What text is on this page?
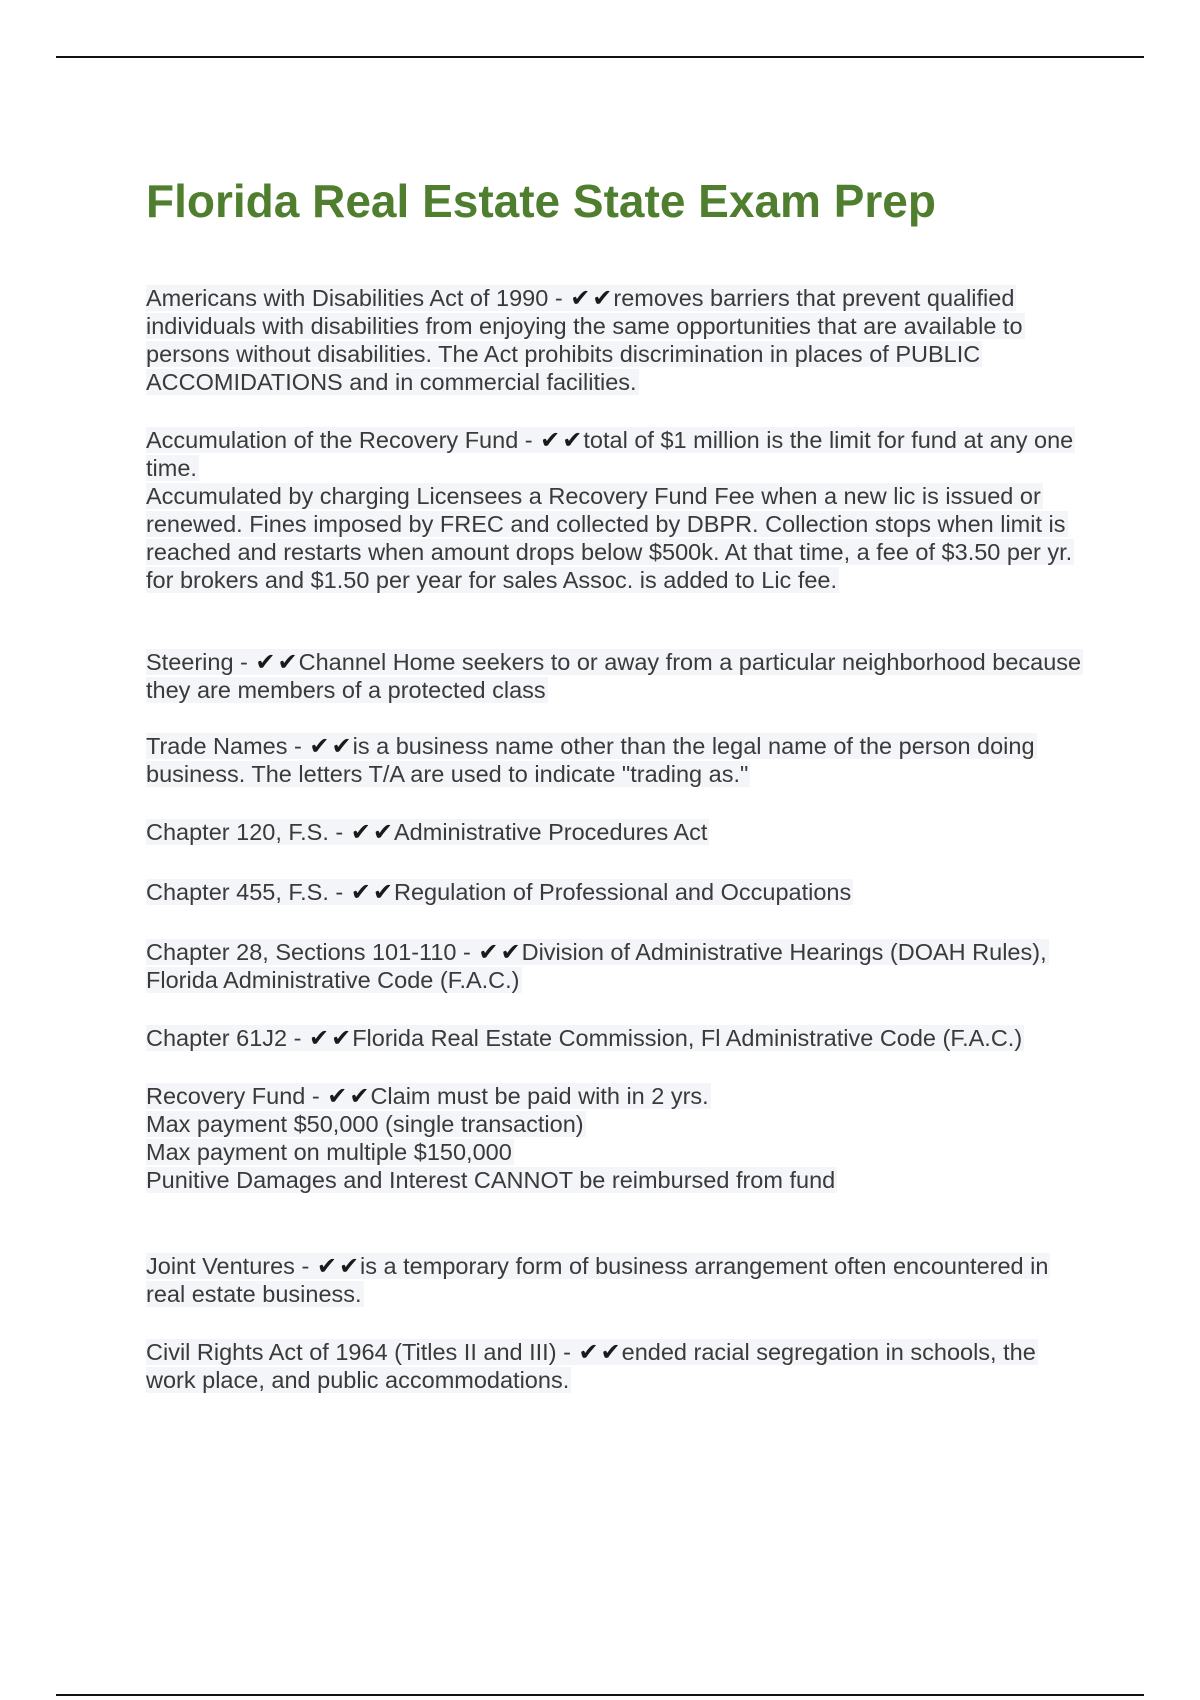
Florida Real Estate State Exam Prep

Americans with Disabilities Act of 1990 - ✔✔removes barriers that prevent qualified individuals with disabilities from enjoying the same opportunities that are available to persons without disabilities. The Act prohibits discrimination in places of PUBLIC ACCOMIDATIONS and in commercial facilities.

Accumulation of the Recovery Fund - ✔✔total of $1 million is the limit for fund at any one time.
Accumulated by charging Licensees a Recovery Fund Fee when a new lic is issued or renewed. Fines imposed by FREC and collected by DBPR. Collection stops when limit is reached and restarts when amount drops below $500k. At that time, a fee of $3.50 per yr. for brokers and $1.50 per year for sales Assoc. is added to Lic fee.

Steering - ✔✔Channel Home seekers to or away from a particular neighborhood because they are members of a protected class

Trade Names - ✔✔is a business name other than the legal name of the person doing business. The letters T/A are used to indicate "trading as."

Chapter 120, F.S. - ✔✔Administrative Procedures Act

Chapter 455, F.S. - ✔✔Regulation of Professional and Occupations

Chapter 28, Sections 101-110 - ✔✔Division of Administrative Hearings (DOAH Rules), Florida Administrative Code (F.A.C.)

Chapter 61J2 - ✔✔Florida Real Estate Commission, Fl Administrative Code (F.A.C.)

Recovery Fund - ✔✔Claim must be paid with in 2 yrs.
Max payment $50,000 (single transaction)
Max payment on multiple $150,000
Punitive Damages and Interest CANNOT be reimbursed from fund

Joint Ventures - ✔✔is a temporary form of business arrangement often encountered in real estate business.

Civil Rights Act of 1964 (Titles II and III) - ✔✔ended racial segregation in schools, the work place, and public accommodations.
